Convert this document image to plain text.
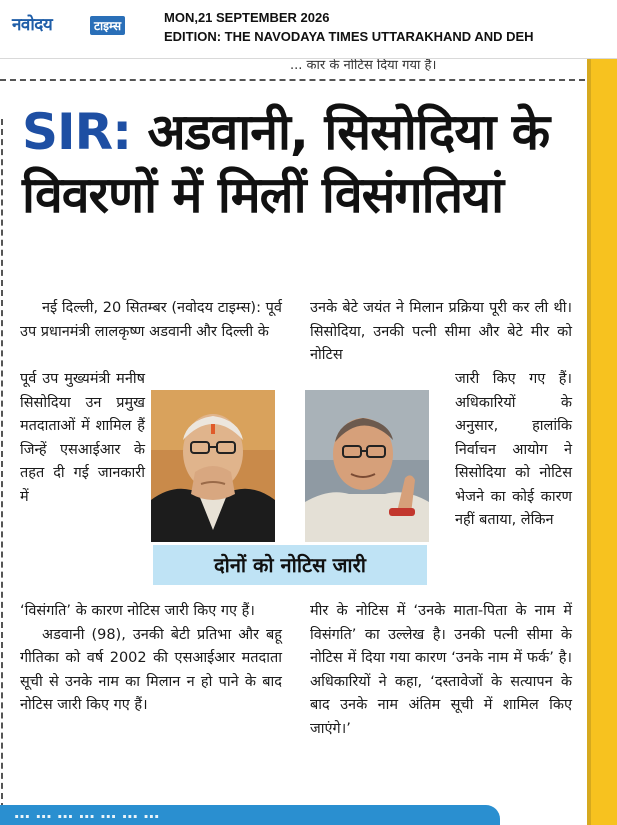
नवोदय	टाइम्स
MON,21 SEPTEMBER 2026
EDITION: THE NAVODAYA TIMES UTTARAKHAND AND DEH
... कार के नोटिस दिया गया है।
SIR: अडवानी, सिसोदिया के
विवरणों में मिलीं विसंगतियां

नई दिल्ली, 20 सितम्बर (नवोदय टाइम्स): पूर्व उप प्रधानमंत्री लालकृष्ण अडवानी और दिल्ली के

पूर्व उप मुख्यमंत्री मनीष सिसोदिया उन प्रमुख मतदाताओं में शामिल हैं जिन्हें एसआईआर के तहत दी गई जानकारी में

‘विसंगति’ के कारण नोटिस जारी किए गए हैं।

अडवानी (98), उनकी बेटी प्रतिभा और बहू गीतिका को वर्ष 2002 की एसआईआर मतदाता सूची से उनके नाम का मिलान न हो पाने के बाद नोटिस जारी किए गए हैं।

उनके बेटे जयंत ने मिलान प्रक्रिया पूरी कर ली थी। सिसोदिया, उनकी पत्नी सीमा और बेटे मीर को नोटिस

जारी किए गए हैं। अधिकारियों के अनुसार, हालांकि निर्वाचन आयोग ने सिसोदिया को नोटिस भेजने का कोई कारण नहीं बताया, लेकिन

मीर के नोटिस में ‘उनके माता-पिता के नाम में विसंगति’ का उल्लेख है। उनकी पत्नी सीमा के नोटिस में दिया गया कारण ‘उनके नाम में फर्क’ है। अधिकारियों ने कहा, ‘दस्तावेजों के सत्यापन के बाद उनके नाम अंतिम सूची में शामिल किए जाएंगे।’

दोनों को नोटिस जारी
… … … … … … …
